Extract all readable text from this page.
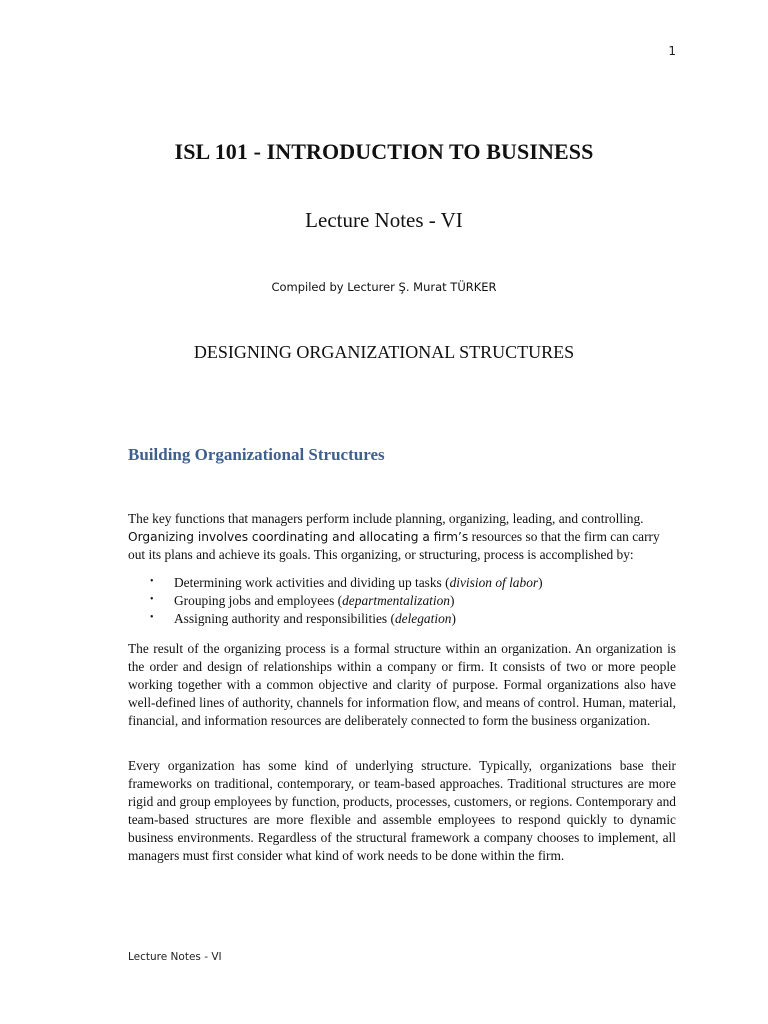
1
ISL 101 - INTRODUCTION TO BUSINESS
Lecture Notes - VI
Compiled by Lecturer Ş. Murat TÜRKER
DESIGNING ORGANIZATIONAL STRUCTURES
Building Organizational Structures
The key functions that managers perform include planning, organizing, leading, and controlling. Organizing involves coordinating and allocating a firm’s resources so that the firm can carry out its plans and achieve its goals. This organizing, or structuring, process is accomplished by:
• Determining work activities and dividing up tasks (division of labor)
• Grouping jobs and employees (departmentalization)
• Assigning authority and responsibilities (delegation)
The result of the organizing process is a formal structure within an organization. An organization is the order and design of relationships within a company or firm. It consists of two or more people working together with a common objective and clarity of purpose. Formal organizations also have well-defined lines of authority, channels for information flow, and means of control. Human, material, financial, and information resources are deliberately connected to form the business organization.
Every organization has some kind of underlying structure. Typically, organizations base their frameworks on traditional, contemporary, or team-based approaches. Traditional structures are more rigid and group employees by function, products, processes, customers, or regions. Contemporary and team-based structures are more flexible and assemble employees to respond quickly to dynamic business environments. Regardless of the structural framework a company chooses to implement, all managers must first consider what kind of work needs to be done within the firm.
Lecture Notes - VI
